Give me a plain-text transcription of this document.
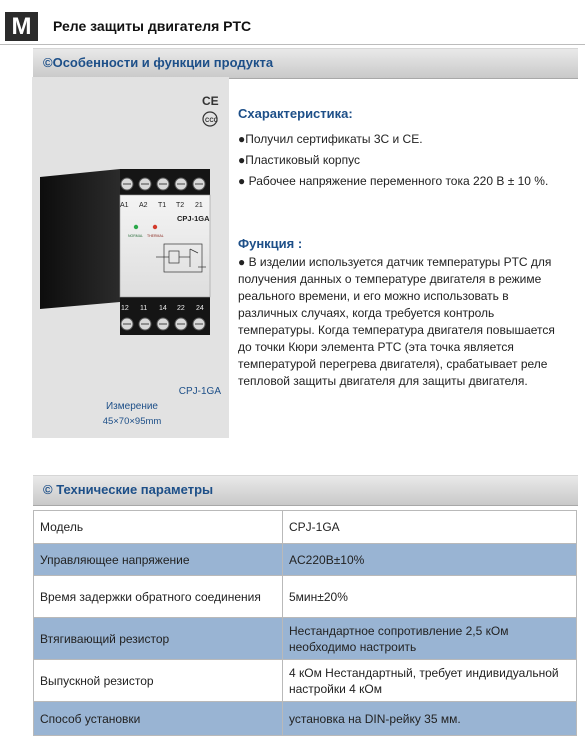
M	Реле защиты двигателя PTC
©Особенности и функции продукта
CE
CCC
A1 A2 T1 T2 21
CPJ-1GA
NORMAL THERMAL
12 11 14 22 24
CPJ-1GA
Измерение
45×70×95mm
Сxарактеристика:
●Получил сертификаты 3С и CE.
●Пластиковый корпус
● Рабочее напряжение переменного тока 220 В ± 10 %.
Функция :
● В изделии используется датчик температуры PTC для
получения данных о температуре двигателя в режиме
реального времени, и его можно использовать в
различных случаях, когда требуется контроль
температуры. Когда температура двигателя повышается
до точки Кюри элемента PTC (эта точка является
температурой перегрева двигателя), срабатывает реле
тепловой защиты двигателя для защиты двигателя.
© Технические параметры
Модель	CPJ-1GA

Управляющее напряжение	AC220B±10%

Время задержки обратного соединения	5мин±20%

Втягивающий резистор	Нестандартное сопротивление 2,5 кОм
необходимо настроить

Выпускной резистор	4 кОм Нестандартный, требует индивидуальной
настройки 4 кОм

Способ установки	установка на DIN-рейку 35 мм.
